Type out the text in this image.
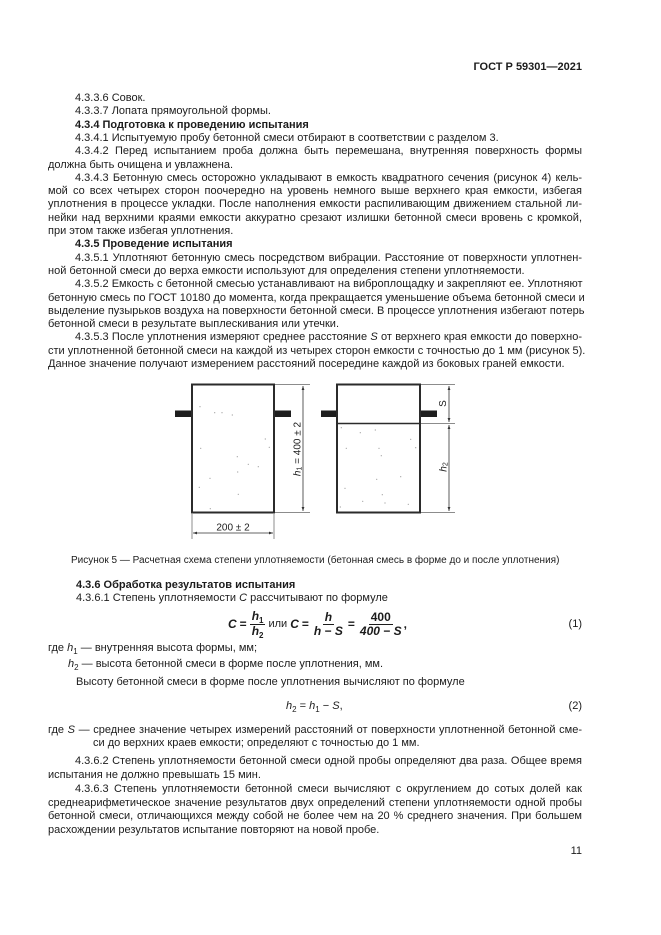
ГОСТ Р 59301—2021
4.3.3.6 Совок.
4.3.3.7 Лопата прямоугольной формы.
4.3.4 Подготовка к проведению испытания
4.3.4.1 Испытуемую пробу бетонной смеси отбирают в соответствии с разделом 3.
4.3.4.2 Перед испытанием проба должна быть перемешана, внутренняя поверхность формы
должна быть очищена и увлажнена.
4.3.4.3 Бетонную смесь осторожно укладывают в емкость квадратного сечения (рисунок 4) кель-
мой со всех четырех сторон поочередно на уровень немного выше верхнего края емкости, избегая
уплотнения в процессе укладки. После наполнения емкости распиливающим движением стальной ли-
нейки над верхними краями емкости аккуратно срезают излишки бетонной смеси вровень с кромкой,
при этом также избегая уплотнения.
4.3.5 Проведение испытания
4.3.5.1 Уплотняют бетонную смесь посредством вибрации. Расстояние от поверхности уплотнен-
ной бетонной смеси до верха емкости используют для определения степени уплотняемости.
4.3.5.2 Емкость с бетонной смесью устанавливают на виброплощадку и закрепляют ее. Уплотняют
бетонную смесь по ГОСТ 10180 до момента, когда прекращается уменьшение объема бетонной смеси и
выделение пузырьков воздуха на поверхности бетонной смеси. В процессе уплотнения избегают потерь
бетонной смеси в результате выплескивания или утечки.
4.3.5.3 После уплотнения измеряют среднее расстояние S от верхнего края емкости до поверхно-
сти уплотненной бетонной смеси на каждой из четырех сторон емкости с точностью до 1 мм (рисунок 5).
Данное значение получают измерением расстояний посередине каждой из боковых граней емкости.
$h_1 = 400 \pm 2$
200 ± 2
S
$h_2$
Рисунок 5 — Расчетная схема степени уплотняемости (бетонная смесь в форме до и после уплотнения)
4.3.6 Обработка результатов испытания
4.3.6.1 Степень уплотняемости C рассчитывают по формуле
$C = \frac{h_1}{h_2}$ или $C = \frac{h}{h - S} = \frac{400}{400 - S}$ ,	(1)
где $h_1$ — внутренняя высота формы, мм;
$h_2$ — высота бетонной смеси в форме после уплотнения, мм.
Высоту бетонной смеси в форме после уплотнения вычисляют по формуле
$h_2 = h_1 - S$,	(2)
где S — среднее значение четырех измерений расстояний от поверхности уплотненной бетонной сме-
си до верхних краев емкости; определяют с точностью до 1 мм.
4.3.6.2 Степень уплотняемости бетонной смеси одной пробы определяют два раза. Общее время
испытания не должно превышать 15 мин.
4.3.6.3 Степень уплотняемости бетонной смеси вычисляют с округлением до сотых долей как
среднеарифметическое значение результатов двух определений степени уплотняемости одной пробы
бетонной смеси, отличающихся между собой не более чем на 20 % среднего значения. При большем
расхождении результатов испытание повторяют на новой пробе.
11
